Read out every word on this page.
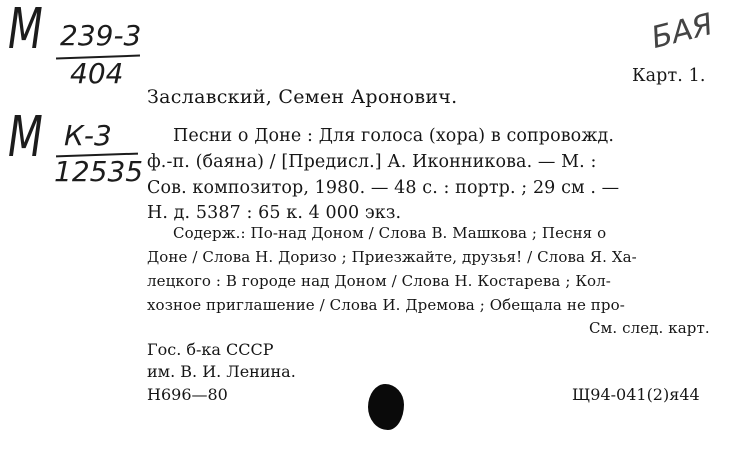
М 239-3
404
М К-3
12535
БАЯ
Карт. 1.
Заславский, Семен Аронович.
Песни о Доне : Для голоса (хора) в сопровожд.
ф.-п. (баяна) / [Предисл.] А. Иконникова. — М. :
Сов. композитор, 1980. — 48 с. : портр. ; 29 см . —
Н. д. 5387 : 65 к. 4 000 экз.
Содерж.: По-над Доном / Слова В. Машкова ; Песня о
Доне / Слова Н. Доризо ; Приезжайте, друзья! / Слова Я. Ха-
лецкого : В городе над Доном / Слова Н. Костарева ; Кол-
хозное приглашение / Слова И. Дремова ; Обещала не про-
См. след. карт.
Гос. б-ка СССР
им. В. И. Ленина.
Н696—80	Щ94-041(2)я44
